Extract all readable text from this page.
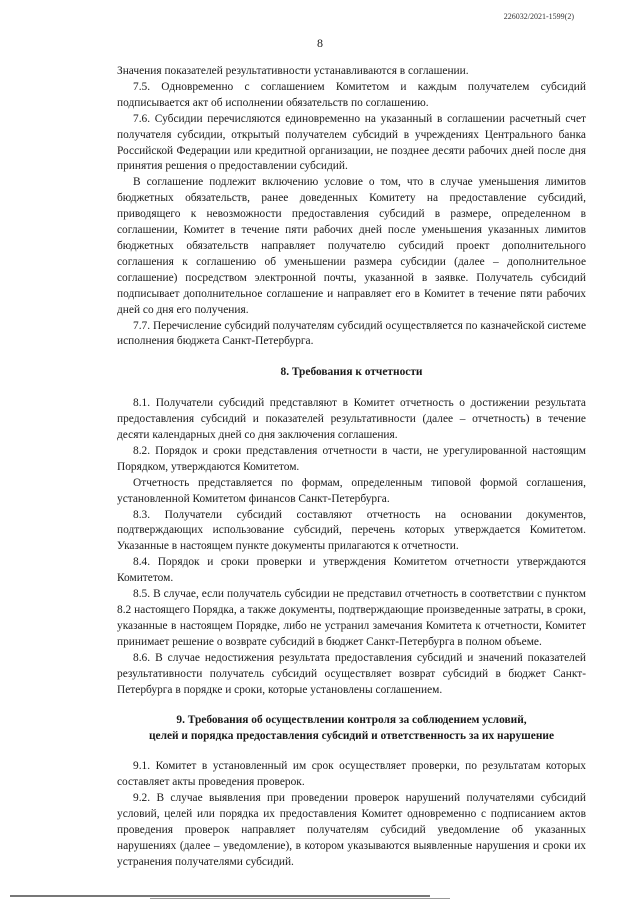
226032/2021-1599(2)
8

Значения показателей результативности устанавливаются в соглашении.

7.5. Одновременно с соглашением Комитетом и каждым получателем субсидий подписывается акт об исполнении обязательств по соглашению.

7.6. Субсидии перечисляются единовременно на указанный в соглашении расчетный счет получателя субсидии, открытый получателем субсидий в учреждениях Центрального банка Российской Федерации или кредитной организации, не позднее десяти рабочих дней после дня принятия решения о предоставлении субсидий.

В соглашение подлежит включению условие о том, что в случае уменьшения лимитов бюджетных обязательств, ранее доведенных Комитету на предоставление субсидий, приводящего к невозможности предоставления субсидий в размере, определенном в соглашении, Комитет в течение пяти рабочих дней после уменьшения указанных лимитов бюджетных обязательств направляет получателю субсидий проект дополнительного соглашения к соглашению об уменьшении размера субсидии (далее – дополнительное соглашение) посредством электронной почты, указанной в заявке. Получатель субсидий подписывает дополнительное соглашение и направляет его в Комитет в течение пяти рабочих дней со дня его получения.

7.7. Перечисление субсидий получателям субсидий осуществляется по казначейской системе исполнения бюджета Санкт-Петербурга.

8. Требования к отчетности

8.1. Получатели субсидий представляют в Комитет отчетность о достижении результата предоставления субсидий и показателей результативности (далее – отчетность) в течение десяти календарных дней со дня заключения соглашения.

8.2. Порядок и сроки представления отчетности в части, не урегулированной настоящим Порядком, утверждаются Комитетом.

Отчетность представляется по формам, определенным типовой формой соглашения, установленной Комитетом финансов Санкт-Петербурга.

8.3. Получатели субсидий составляют отчетность на основании документов, подтверждающих использование субсидий, перечень которых утверждается Комитетом. Указанные в настоящем пункте документы прилагаются к отчетности.

8.4. Порядок и сроки проверки и утверждения Комитетом отчетности утверждаются Комитетом.

8.5. В случае, если получатель субсидии не представил отчетность в соответствии с пунктом 8.2 настоящего Порядка, а также документы, подтверждающие произведенные затраты, в сроки, указанные в настоящем Порядке, либо не устранил замечания Комитета к отчетности, Комитет принимает решение о возврате субсидий в бюджет Санкт-Петербурга в полном объеме.

8.6. В случае недостижения результата предоставления субсидий и значений показателей результативности получатель субсидий осуществляет возврат субсидий в бюджет Санкт-Петербурга в порядке и сроки, которые установлены соглашением.

9. Требования об осуществлении контроля за соблюдением условий,

целей и порядка предоставления субсидий и ответственность за их нарушение

9.1. Комитет в установленный им срок осуществляет проверки, по результатам которых составляет акты проведения проверок.

9.2. В случае выявления при проведении проверок нарушений получателями субсидий условий, целей или порядка их предоставления Комитет одновременно с подписанием актов проведения проверок направляет получателям субсидий уведомление об указанных нарушениях (далее – уведомление), в котором указываются выявленные нарушения и сроки их устранения получателями субсидий.
